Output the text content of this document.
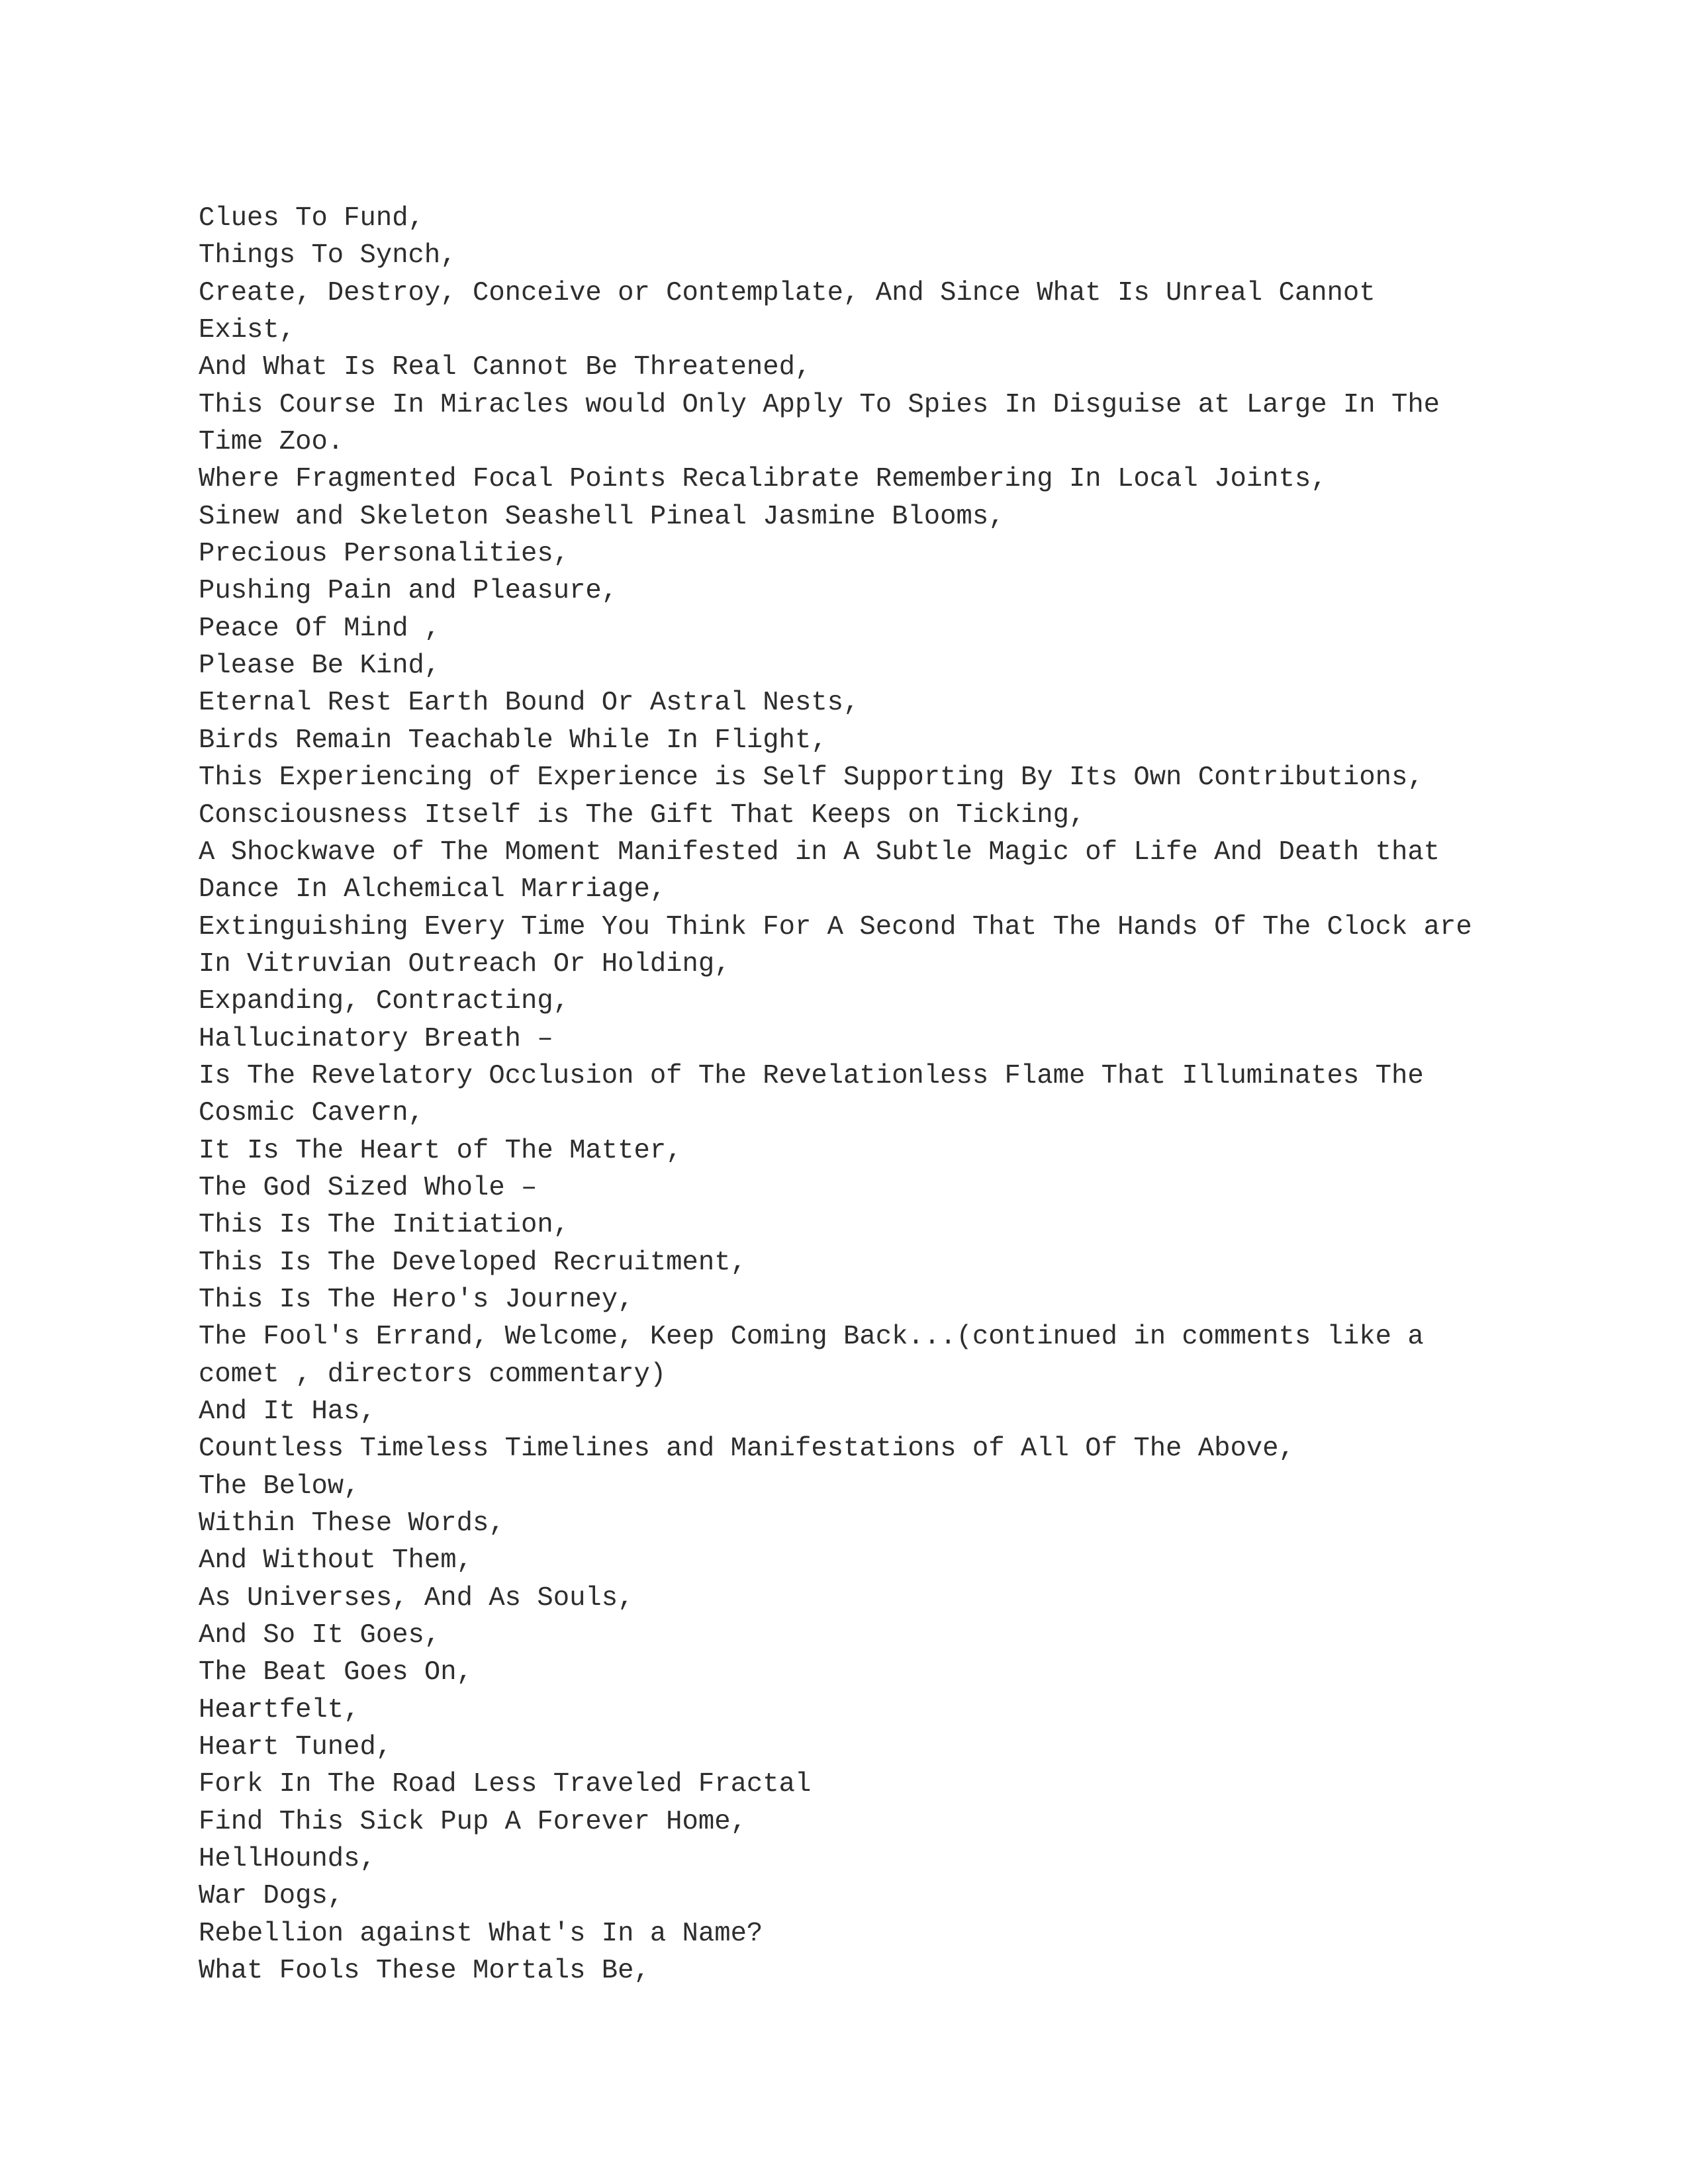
Clues To Fund,
Things To Synch,
Create, Destroy, Conceive or Contemplate, And Since What Is Unreal Cannot
Exist,
And What Is Real Cannot Be Threatened,
This Course In Miracles would Only Apply To Spies In Disguise at Large In The
Time Zoo.
Where Fragmented Focal Points Recalibrate Remembering In Local Joints,
Sinew and Skeleton Seashell Pineal Jasmine Blooms,
Precious Personalities,
Pushing Pain and Pleasure,
Peace Of Mind ,
Please Be Kind,
Eternal Rest Earth Bound Or Astral Nests,
Birds Remain Teachable While In Flight,
This Experiencing of Experience is Self Supporting By Its Own Contributions,
Consciousness Itself is The Gift That Keeps on Ticking,
A Shockwave of The Moment Manifested in A Subtle Magic of Life And Death that
Dance In Alchemical Marriage,
Extinguishing Every Time You Think For A Second That The Hands Of The Clock are
In Vitruvian Outreach Or Holding,
Expanding, Contracting,
Hallucinatory Breath –
Is The Revelatory Occlusion of The Revelationless Flame That Illuminates The
Cosmic Cavern,
It Is The Heart of The Matter,
The God Sized Whole –
This Is The Initiation,
This Is The Developed Recruitment,
This Is The Hero's Journey,
The Fool's Errand, Welcome, Keep Coming Back...(continued in comments like a
comet , directors commentary)
And It Has,
Countless Timeless Timelines and Manifestations of All Of The Above,
The Below,
Within These Words,
And Without Them,
As Universes, And As Souls,
And So It Goes,
The Beat Goes On,
Heartfelt,
Heart Tuned,
Fork In The Road Less Traveled Fractal
Find This Sick Pup A Forever Home,
HellHounds,
War Dogs,
Rebellion against What's In a Name?
What Fools These Mortals Be,
